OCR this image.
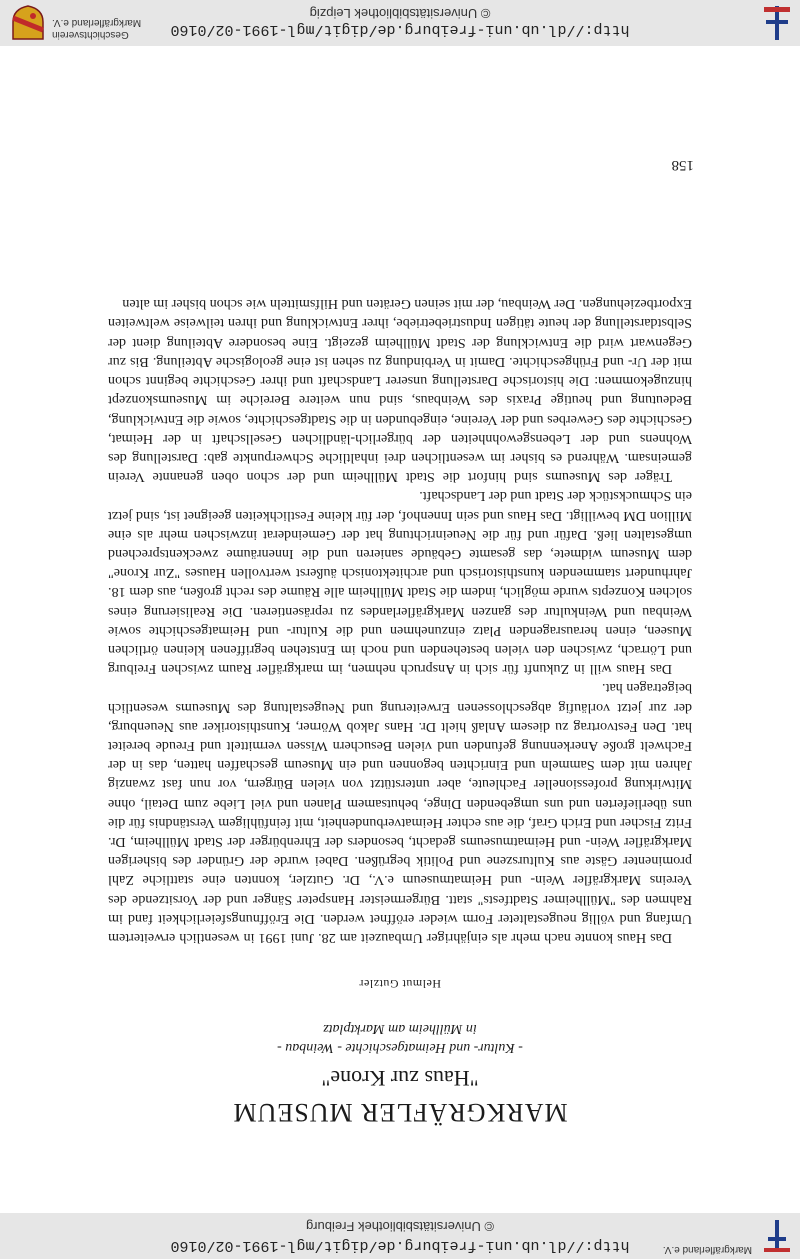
Markgräflerland e.V.
http://dl.ub.uni-freiburg.de/digit/mgl-1991-02/0160
© Universitätsbibliothek Freiburg
http://dl.ub.uni-freiburg.de/digit/mgl-1991-02/0160
© Universitätsbibliothek Leipzig
Geschichtsverein
Markgräflerland e.V.
MARKGRÄFLER MUSEUM
"Haus zur Krone"
- Kultur- und Heimatgeschichte - Weinbau -
in Müllheim am Marktplatz
Helmut Gutzler

Das Haus konnte nach mehr als einjähriger Umbauzeit am 28. Juni 1991 in wesentlich erweitertem Umfang und völlig neugestalteter Form wieder eröffnet werden. Die Eröffnungsfeierlichkeit fand im Rahmen des "Müllheimer Stadtfests" statt. Bürgermeister Hanspeter Sänger und der Vorsitzende des Vereins Markgräfler Wein- und Heimatmuseum e.V., Dr. Gutzler, konnten eine stattliche Zahl prominenter Gäste aus Kulturszene und Politik begrüßen. Dabei wurde der Gründer des bisherigen Markgräfler Wein- und Heimatmuseums gedacht, besonders der Ehrenbürger der Stadt Müllheim, Dr. Fritz Fischer und Erich Graf, die aus echter Heimatverbundenheit, mit feinfühligem Verständnis für die uns überlieferten und uns umgebenden Dinge, behutsamem Planen und viel Liebe zum Detail, ohne Mitwirkung professioneller Fachleute, aber unterstützt von vielen Bürgern, vor nun fast zwanzig Jahren mit dem Sammeln und Einrichten begonnen und ein Museum geschaffen hatten, das in der Fachwelt große Anerkennung gefunden und vielen Besuchern Wissen vermittelt und Freude bereitet hat. Den Festvortrag zu diesem Anlaß hielt Dr. Hans Jakob Wörner, Kunsthistoriker aus Neuenburg, der zur jetzt vorläufig abgeschlossenen Erweiterung und Neugestaltung des Museums wesentlich beigetragen hat.

Das Haus will in Zukunft für sich in Anspruch nehmen, im markgräfler Raum zwischen Freiburg und Lörrach, zwischen den vielen bestehenden und noch im Entstehen begriffenen kleinen örtlichen Museen, einen herausragenden Platz einzunehmen und die Kultur- und Heimatgeschichte sowie Weinbau und Weinkultur des ganzen Markgräflerlandes zu repräsentieren. Die Realisierung eines solchen Konzepts wurde möglich, indem die Stadt Müllheim alle Räume des recht großen, aus dem 18. Jahrhundert stammenden kunsthistorisch und architektonisch äußerst wertvollen Hauses "Zur Krone" dem Museum widmete, das gesamte Gebäude sanieren und die Innenräume zweckentsprechend umgestalten ließ. Dafür und für die Neueinrichtung hat der Gemeinderat inzwischen mehr als eine Million DM bewilligt. Das Haus und sein Innenhof, der für kleine Festlichkeiten geeignet ist, sind jetzt ein Schmuckstück der Stadt und der Landschaft.

Träger des Museums sind hinfort die Stadt Müllheim und der schon oben genannte Verein gemeinsam. Während es bisher im wesentlichen drei inhaltliche Schwerpunkte gab: Darstellung des Wohnens und der Lebensgewohnheiten der bürgerlich-ländlichen Gesellschaft in der Heimat, Geschichte des Gewerbes und der Vereine, eingebunden in die Stadtgeschichte, sowie die Entwicklung, Bedeutung und heutige Praxis des Weinbaus, sind nun weitere Bereiche im Museumskonzept hinzugekommen: Die historische Darstellung unserer Landschaft und ihrer Geschichte beginnt schon mit der Ur- und Frühgeschichte. Damit in Verbindung zu sehen ist eine geologische Abteilung. Bis zur Gegenwart wird die Entwicklung der Stadt Müllheim gezeigt. Eine besondere Abteilung dient der Selbstdarstellung der heute tätigen Industriebetriebe, ihrer Entwicklung und ihren teilweise weltweiten Exportbeziehungen. Der Weinbau, der mit seinen Geräten und Hilfsmitteln wie schon bisher im alten

158
